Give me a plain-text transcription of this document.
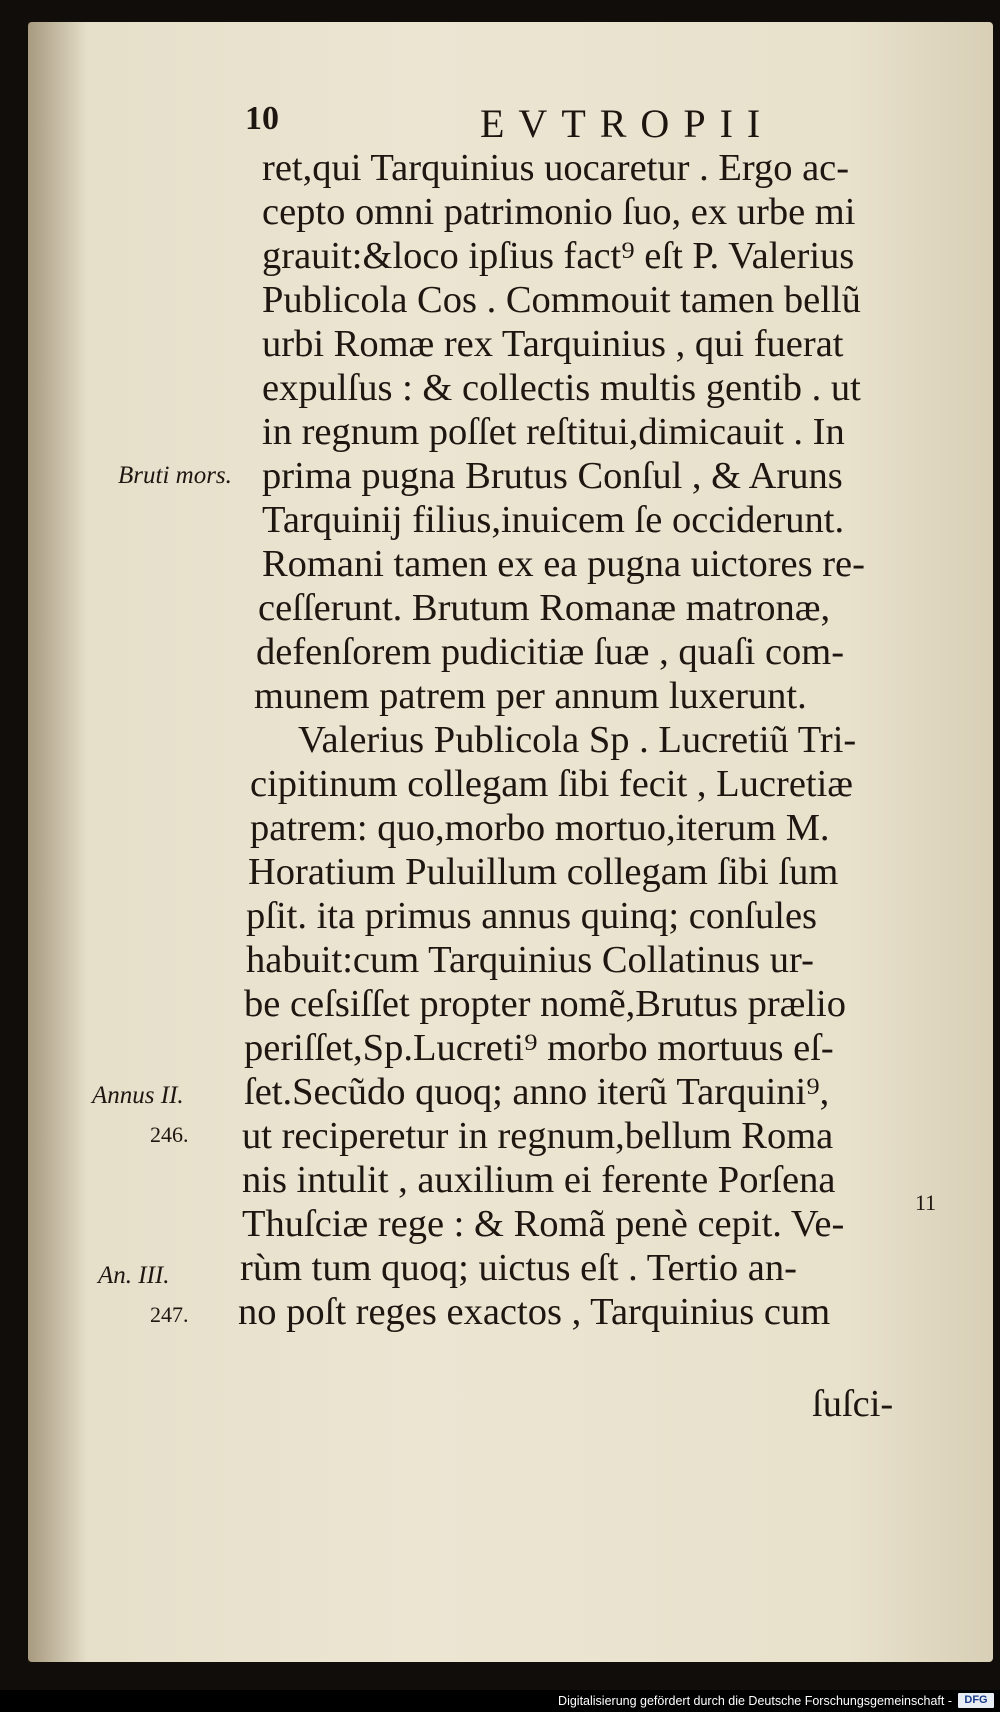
10	EVTROPII
ret,qui Tarquinius uocaretur . Ergo ac-
cepto omni patrimonio ſuo, ex urbe mi
grauit:&loco ipſius fact⁹ eſt P. Valerius
Publicola Cos . Commouit tamen bellũ
urbi Romæ rex Tarquinius , qui fuerat
expulſus : & collectis multis gentib . ut
in regnum poſſet reſtitui,dimicauit . In
prima pugna Brutus Conſul , & Aruns
Tarquinij filius,inuicem ſe occiderunt.
Romani tamen ex ea pugna uictores re-
ceſſerunt. Brutum Romanæ matronæ,
defenſorem pudicitiæ ſuæ , quaſi com-
munem patrem per annum luxerunt.
Valerius Publicola Sp . Lucretiũ Tri-
cipitinum collegam ſibi fecit , Lucretiæ
patrem: quo,morbo mortuo,iterum M.
Horatium Puluillum collegam ſibi ſum
pſit. ita primus annus quinq; conſules
habuit:cum Tarquinius Collatinus ur-
be ceſsiſſet propter nomẽ,Brutus prælio
periſſet,Sp.Lucreti⁹ morbo mortuus eſ-
ſet.Secũdo quoq; anno iterũ Tarquini⁹,
ut reciperetur in regnum,bellum Roma
nis intulit , auxilium ei ferente Porſena
Thuſciæ rege : & Romã penè cepit. Ve-
rùm tum quoq; uictus eſt . Tertio an-
no poſt reges exactos , Tarquinius cum
ſuſci-
Bruti mors.
Annus II.
246.
An. III.
247.
11
Digitalisierung gefördert durch die Deutsche Forschungsgemeinschaft -	DFG
